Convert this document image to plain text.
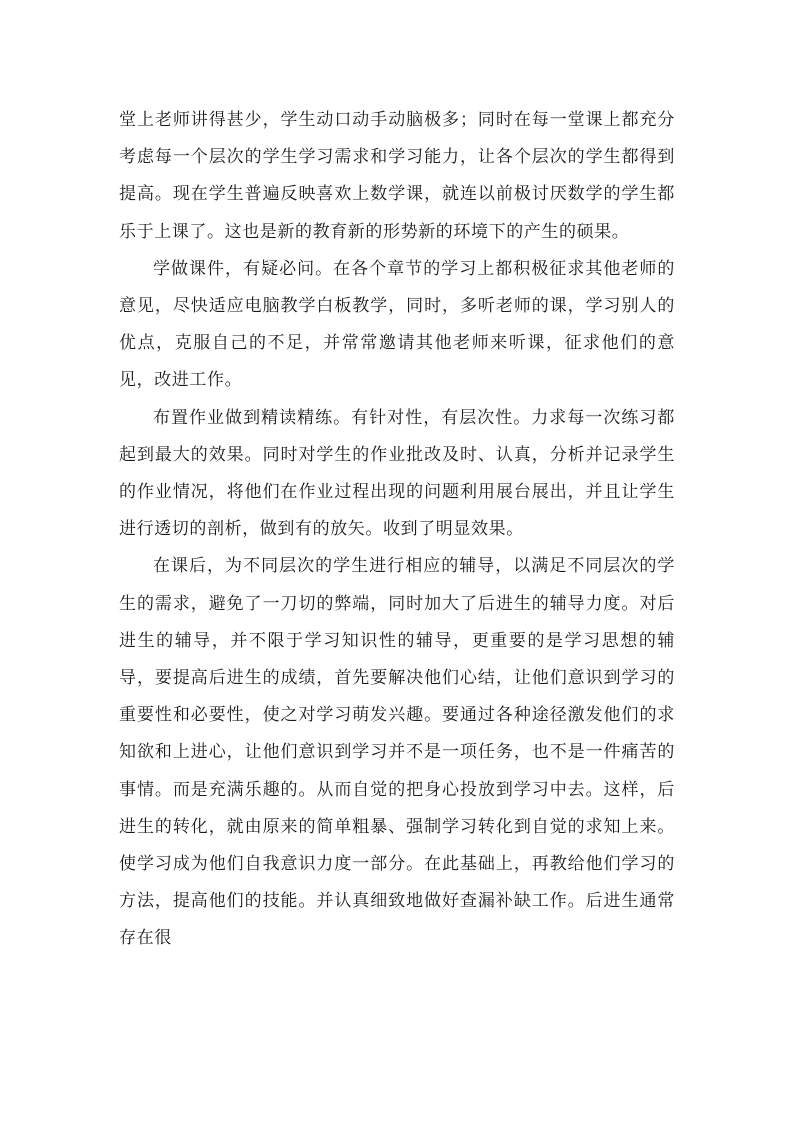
堂上老师讲得甚少，学生动口动手动脑极多；同时在每一堂课上都充分考虑每一个层次的学生学习需求和学习能力，让各个层次的学生都得到提高。现在学生普遍反映喜欢上数学课，就连以前极讨厌数学的学生都乐于上课了。这也是新的教育新的形势新的环境下的产生的硕果。

学做课件，有疑必问。在各个章节的学习上都积极征求其他老师的意见，尽快适应电脑教学白板教学，同时，多听老师的课，学习别人的优点，克服自己的不足，并常常邀请其他老师来听课，征求他们的意见，改进工作。

布置作业做到精读精练。有针对性，有层次性。力求每一次练习都起到最大的效果。同时对学生的作业批改及时、认真，分析并记录学生的作业情况，将他们在作业过程出现的问题利用展台展出，并且让学生进行透切的剖析，做到有的放矢。收到了明显效果。

在课后，为不同层次的学生进行相应的辅导，以满足不同层次的学生的需求，避免了一刀切的弊端，同时加大了后进生的辅导力度。对后进生的辅导，并不限于学习知识性的辅导，更重要的是学习思想的辅导，要提高后进生的成绩，首先要解决他们心结，让他们意识到学习的重要性和必要性，使之对学习萌发兴趣。要通过各种途径激发他们的求知欲和上进心，让他们意识到学习并不是一项任务，也不是一件痛苦的事情。而是充满乐趣的。从而自觉的把身心投放到学习中去。这样，后进生的转化，就由原来的简单粗暴、强制学习转化到自觉的求知上来。使学习成为他们自我意识力度一部分。在此基础上，再教给他们学习的方法，提高他们的技能。并认真细致地做好查漏补缺工作。后进生通常存在很
